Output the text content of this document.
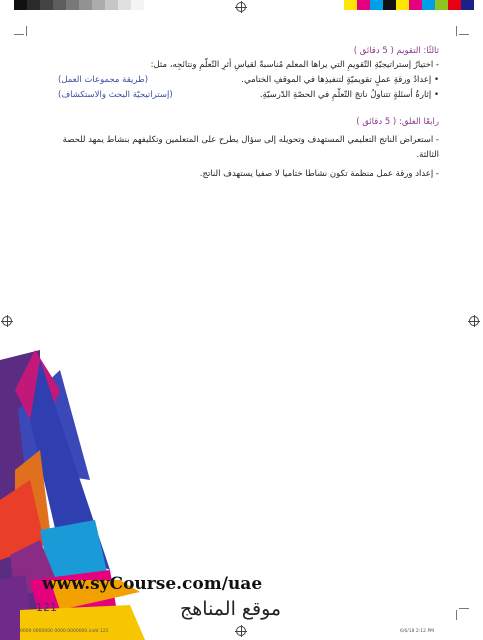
ثالثًا: التقويم ( 5 دقائق )

- اختيارُ إستراتيجيّةِ التّقويمِ التي يراها المعلم مُناسبةً لقياسِ أثرِ التّعلّمِ ونتائجِه، مثل:

• إعدادُ ورقةِ عملٍ تقويميّةٍ لتنفيذِها في الموقفِ الختامي.
(طريقة مجموعات العمل)
• إثارةُ أسئلةٍ تتناولُ ناتجَ التّعلّمِ في الحصّةِ الدّرسيّةِ.
(إستراتيجيّة البحث والاستكشاف)

رابعًا الغلق: ( 5 دقائق )

- استعراض الناتج التعليمي المستهدف وتحويله إلى سؤال يطرح على المتعلمين وتكليفهم بنشاط يمهد للحصة الثالثة.

- إعداد ورقة عمل منظمة تكون نشاطا ختاميا لا صفيا يستهدف الناتج.

www.syCourse.com/uae
121	موقع المناهج
0000 0000000 0000.0000000.indd 121	6/6/18 2:12 PM
